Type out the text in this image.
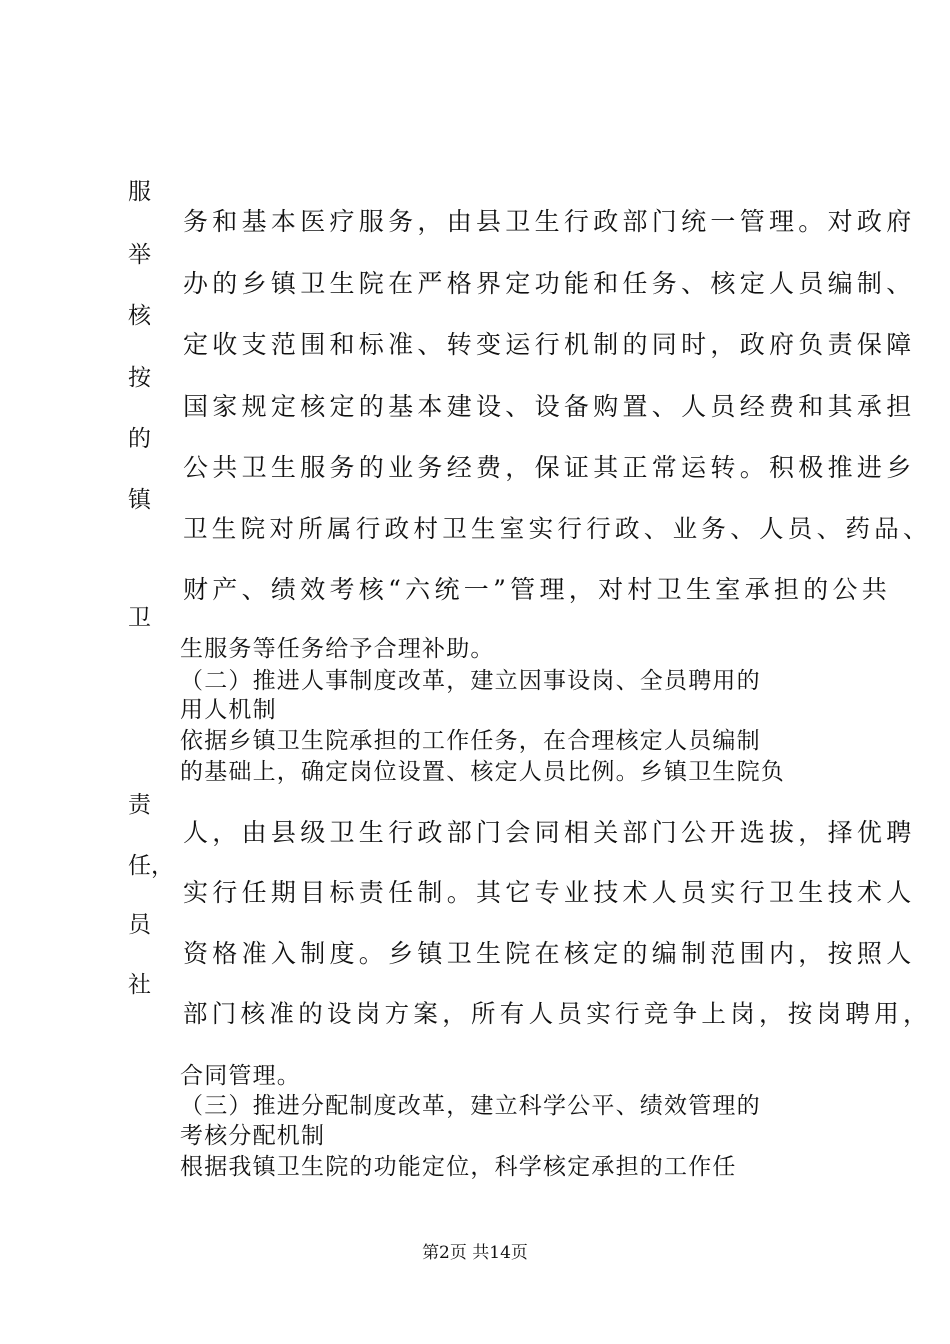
服
举
核
按
的
镇
卫
责
任，
员
社
务和基本医疗服务，由县卫生行政部门统一管理。对政府
办的乡镇卫生院在严格界定功能和任务、核定人员编制、
定收支范围和标准、转变运行机制的同时，政府负责保障
国家规定核定的基本建设、设备购置、人员经费和其承担
公共卫生服务的业务经费，保证其正常运转。积极推进乡
卫生院对所属行政村卫生室实行行政、业务、人员、药品、
财产、绩效考核“六统一”管理，对村卫生室承担的公共
生服务等任务给予合理补助。
（二）推进人事制度改革，建立因事设岗、全员聘用的
用人机制
依据乡镇卫生院承担的工作任务，在合理核定人员编制
的基础上，确定岗位设置、核定人员比例。乡镇卫生院负
人，由县级卫生行政部门会同相关部门公开选拔，择优聘
实行任期目标责任制。其它专业技术人员实行卫生技术人
资格准入制度。乡镇卫生院在核定的编制范围内，按照人
部门核准的设岗方案，所有人员实行竞争上岗，按岗聘用，
合同管理。
（三）推进分配制度改革，建立科学公平、绩效管理的
考核分配机制
根据我镇卫生院的功能定位，科学核定承担的工作任
第2页 共14页
